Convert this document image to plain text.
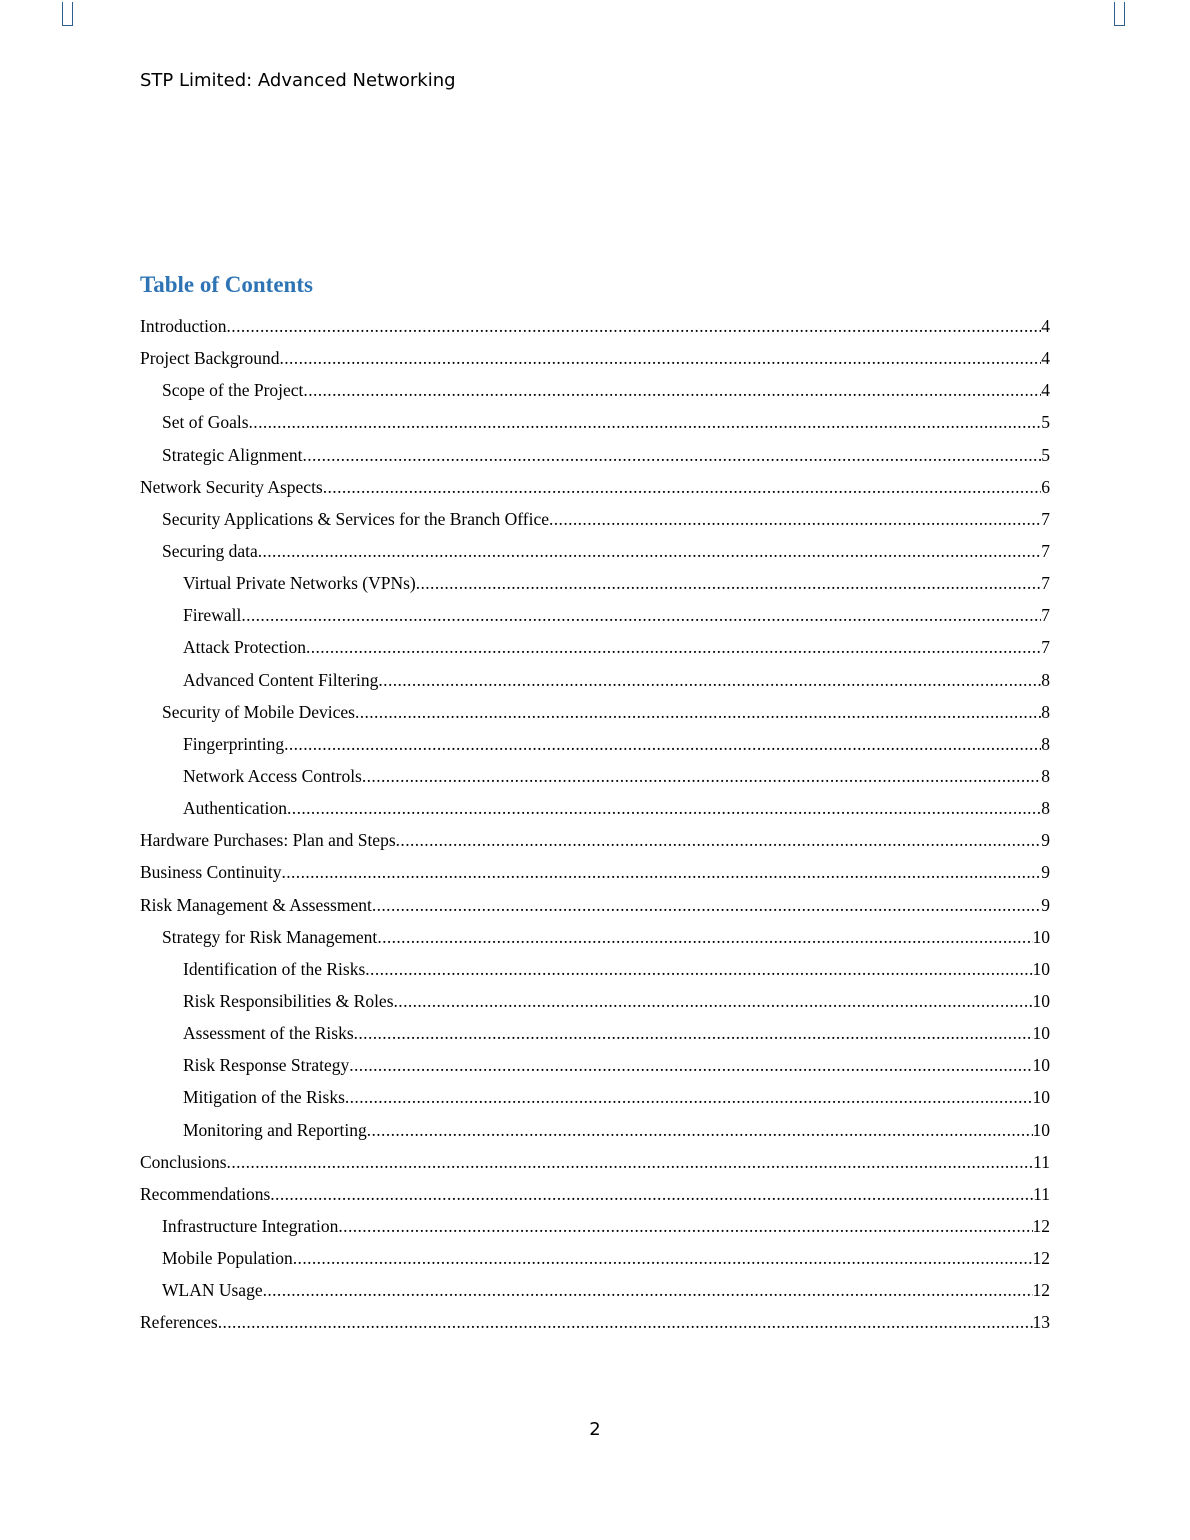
STP Limited: Advanced Networking
Table of Contents
Introduction .....	4
Project Background .....	4
Scope of the Project .....	4
Set of Goals .....	5
Strategic Alignment .....	5
Network Security Aspects .....	6
Security Applications & Services for the Branch Office .....	7
Securing data .....	7
Virtual Private Networks (VPNs) .....	7
Firewall .....	7
Attack Protection .....	7
Advanced Content Filtering .....	8
Security of Mobile Devices .....	8
Fingerprinting .....	8
Network Access Controls .....	8
Authentication .....	8
Hardware Purchases: Plan and Steps .....	9
Business Continuity .....	9
Risk Management & Assessment .....	9
Strategy for Risk Management .....	10
Identification of the Risks .....	10
Risk Responsibilities & Roles .....	10
Assessment of the Risks .....	10
Risk Response Strategy .....	10
Mitigation of the Risks .....	10
Monitoring and Reporting .....	10
Conclusions .....	11
Recommendations .....	11
Infrastructure Integration .....	12
Mobile Population .....	12
WLAN Usage .....	12
References .....	13
2
